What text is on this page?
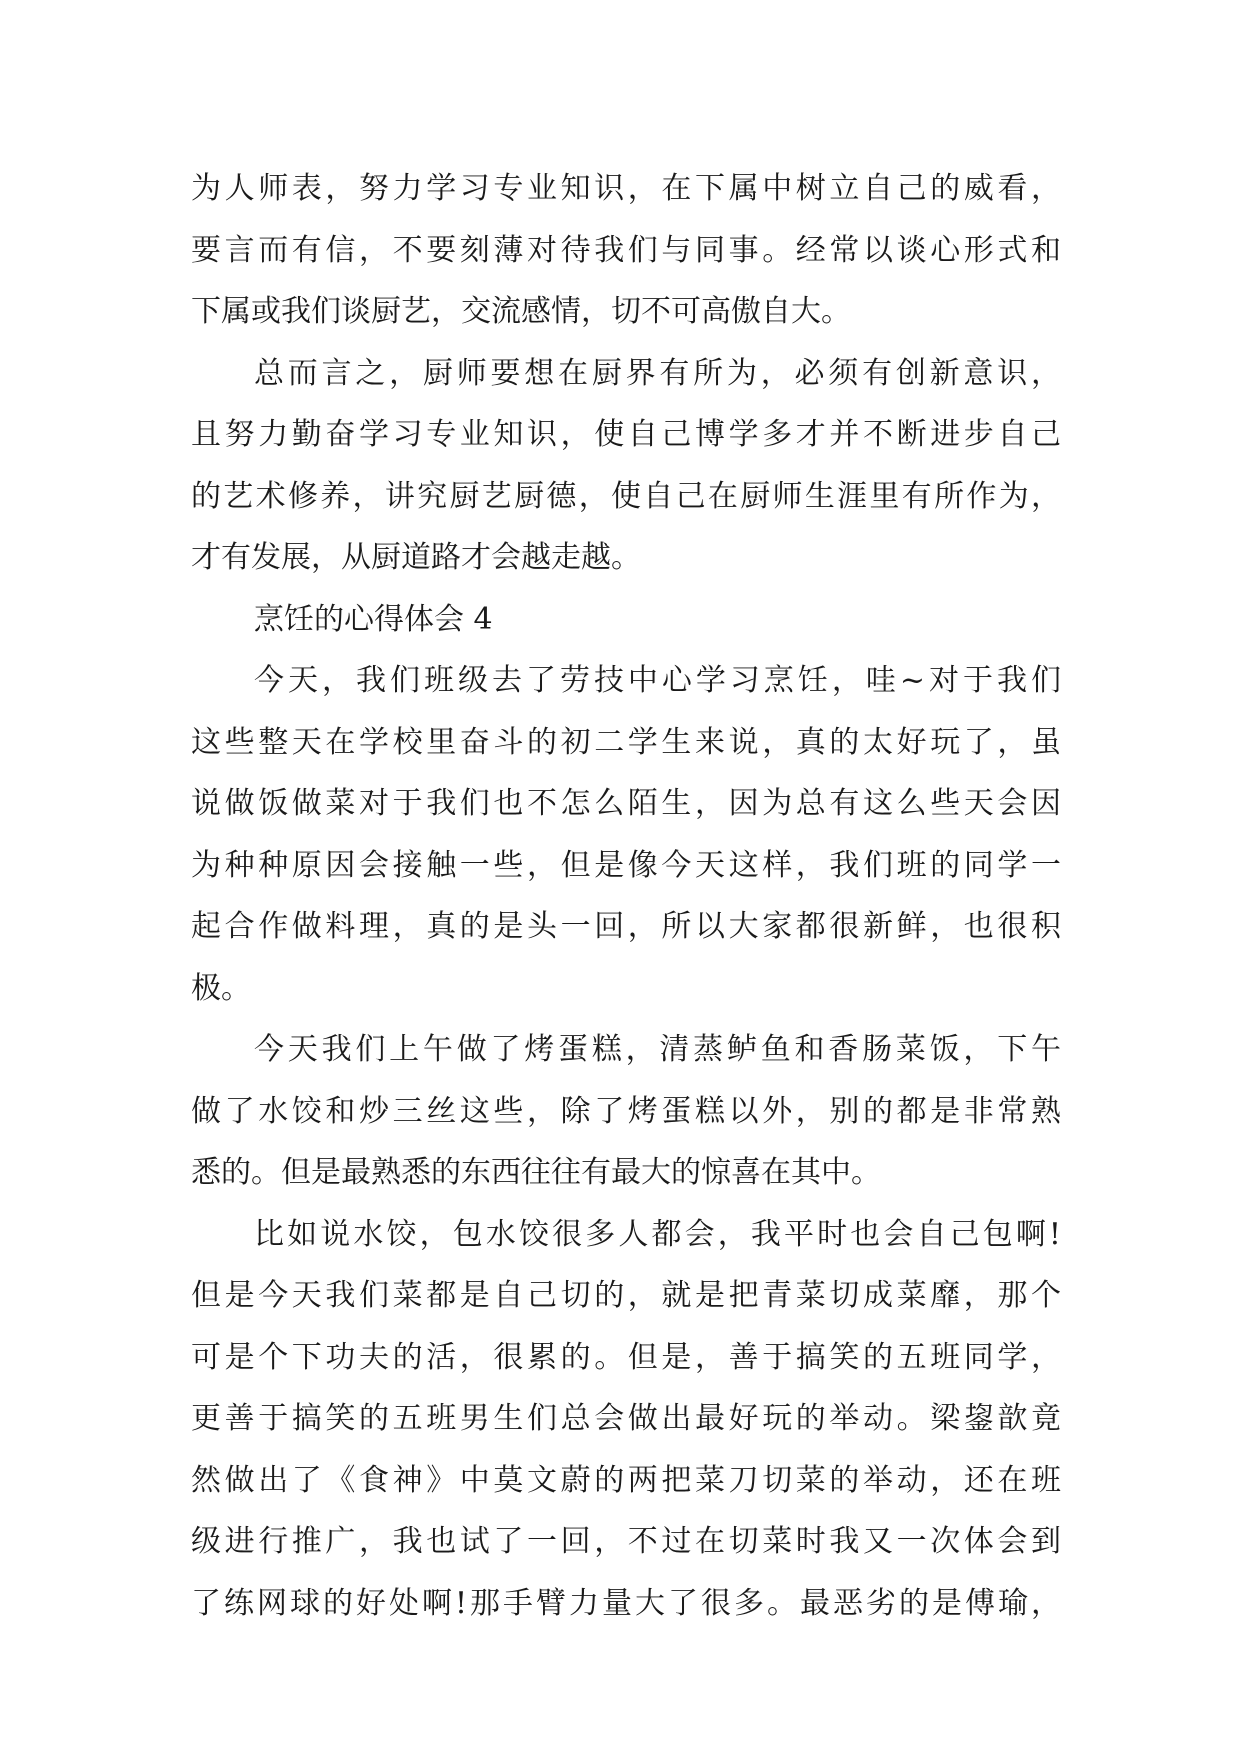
为人师表，努力学习专业知识，在下属中树立自己的威看，
要言而有信，不要刻薄对待我们与同事。经常以谈心形式和
下属或我们谈厨艺，交流感情，切不可高傲自大。
总而言之，厨师要想在厨界有所为，必须有创新意识，
且努力勤奋学习专业知识，使自己博学多才并不断进步自己
的艺术修养，讲究厨艺厨德，使自己在厨师生涯里有所作为，
才有发展，从厨道路才会越走越。
烹饪的心得体会 4
今天，我们班级去了劳技中心学习烹饪，哇~对于我们
这些整天在学校里奋斗的初二学生来说，真的太好玩了，虽
说做饭做菜对于我们也不怎么陌生，因为总有这么些天会因
为种种原因会接触一些，但是像今天这样，我们班的同学一
起合作做料理，真的是头一回，所以大家都很新鲜，也很积
极。
今天我们上午做了烤蛋糕，清蒸鲈鱼和香肠菜饭，下午
做了水饺和炒三丝这些，除了烤蛋糕以外，别的都是非常熟
悉的。但是最熟悉的东西往往有最大的惊喜在其中。
比如说水饺，包水饺很多人都会，我平时也会自己包啊!
但是今天我们菜都是自己切的，就是把青菜切成菜靡，那个
可是个下功夫的活，很累的。但是，善于搞笑的五班同学，
更善于搞笑的五班男生们总会做出最好玩的举动。梁鋆歆竟
然做出了《食神》中莫文蔚的两把菜刀切菜的举动，还在班
级进行推广，我也试了一回，不过在切菜时我又一次体会到
了练网球的好处啊!那手臂力量大了很多。最恶劣的是傅瑜，
